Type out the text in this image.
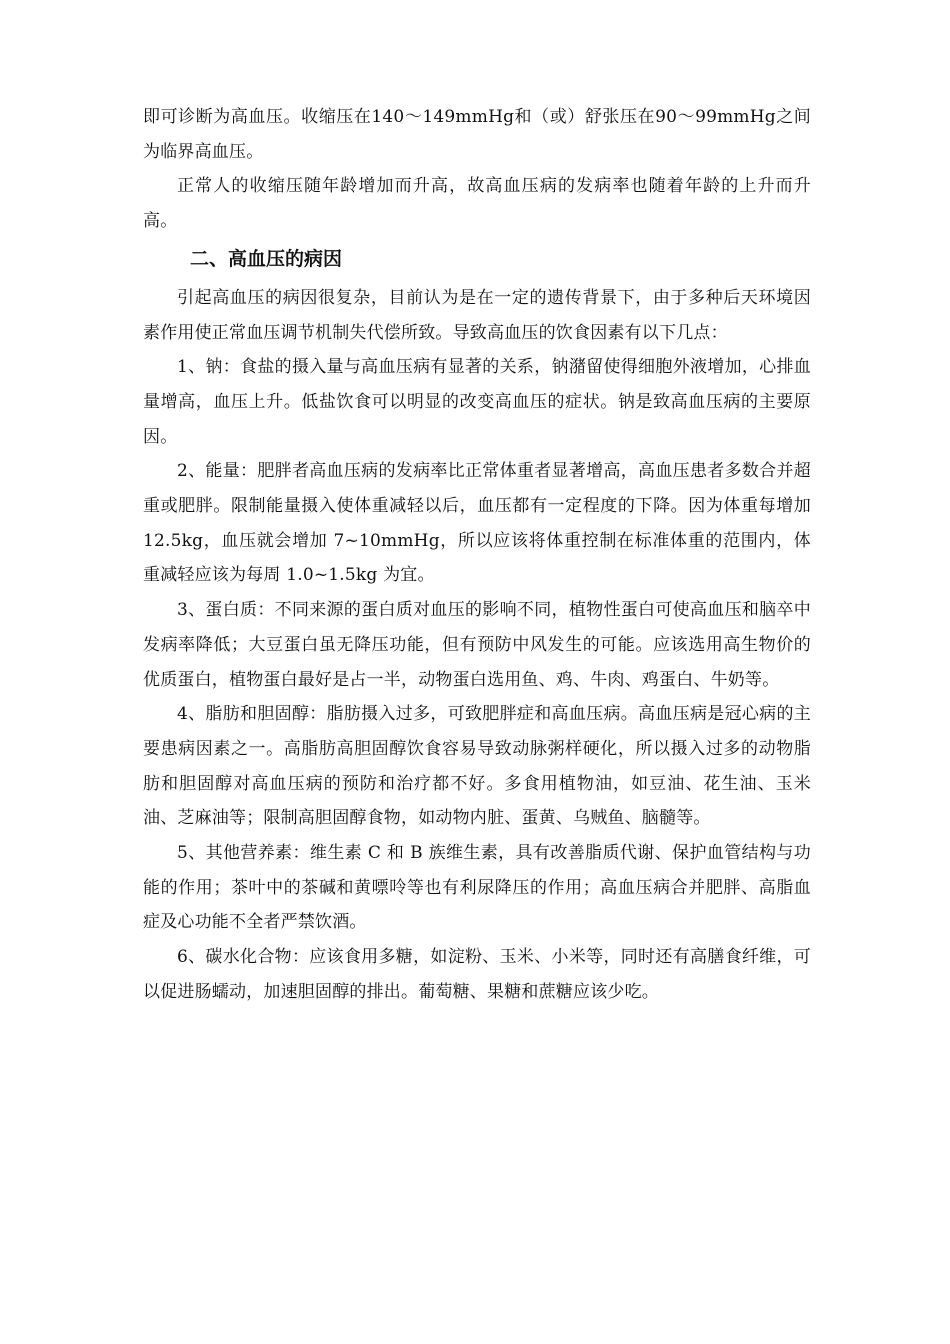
即可诊断为高血压。收缩压在140～149mmHg和（或）舒张压在90～99mmHg之间为临界高血压。

正常人的收缩压随年龄增加而升高，故高血压病的发病率也随着年龄的上升而升高。

二、高血压的病因

引起高血压的病因很复杂，目前认为是在一定的遗传背景下，由于多种后天环境因素作用使正常血压调节机制失代偿所致。导致高血压的饮食因素有以下几点：

1、钠：食盐的摄入量与高血压病有显著的关系，钠潴留使得细胞外液增加，心排血量增高，血压上升。低盐饮食可以明显的改变高血压的症状。钠是致高血压病的主要原因。

2、能量：肥胖者高血压病的发病率比正常体重者显著增高，高血压患者多数合并超重或肥胖。限制能量摄入使体重减轻以后，血压都有一定程度的下降。因为体重每增加 12.5kg，血压就会增加 7~10mmHg，所以应该将体重控制在标准体重的范围内，体重减轻应该为每周 1.0~1.5kg 为宜。

3、蛋白质：不同来源的蛋白质对血压的影响不同，植物性蛋白可使高血压和脑卒中发病率降低；大豆蛋白虽无降压功能，但有预防中风发生的可能。应该选用高生物价的优质蛋白，植物蛋白最好是占一半，动物蛋白选用鱼、鸡、牛肉、鸡蛋白、牛奶等。

4、脂肪和胆固醇：脂肪摄入过多，可致肥胖症和高血压病。高血压病是冠心病的主要患病因素之一。高脂肪高胆固醇饮食容易导致动脉粥样硬化，所以摄入过多的动物脂肪和胆固醇对高血压病的预防和治疗都不好。多食用植物油，如豆油、花生油、玉米油、芝麻油等；限制高胆固醇食物，如动物内脏、蛋黄、乌贼鱼、脑髓等。

5、其他营养素：维生素 C 和 B 族维生素，具有改善脂质代谢、保护血管结构与功能的作用；茶叶中的茶碱和黄嘌呤等也有利尿降压的作用；高血压病合并肥胖、高脂血症及心功能不全者严禁饮酒。

6、碳水化合物：应该食用多糖，如淀粉、玉米、小米等，同时还有高膳食纤维，可以促进肠蠕动，加速胆固醇的排出。葡萄糖、果糖和蔗糖应该少吃。
